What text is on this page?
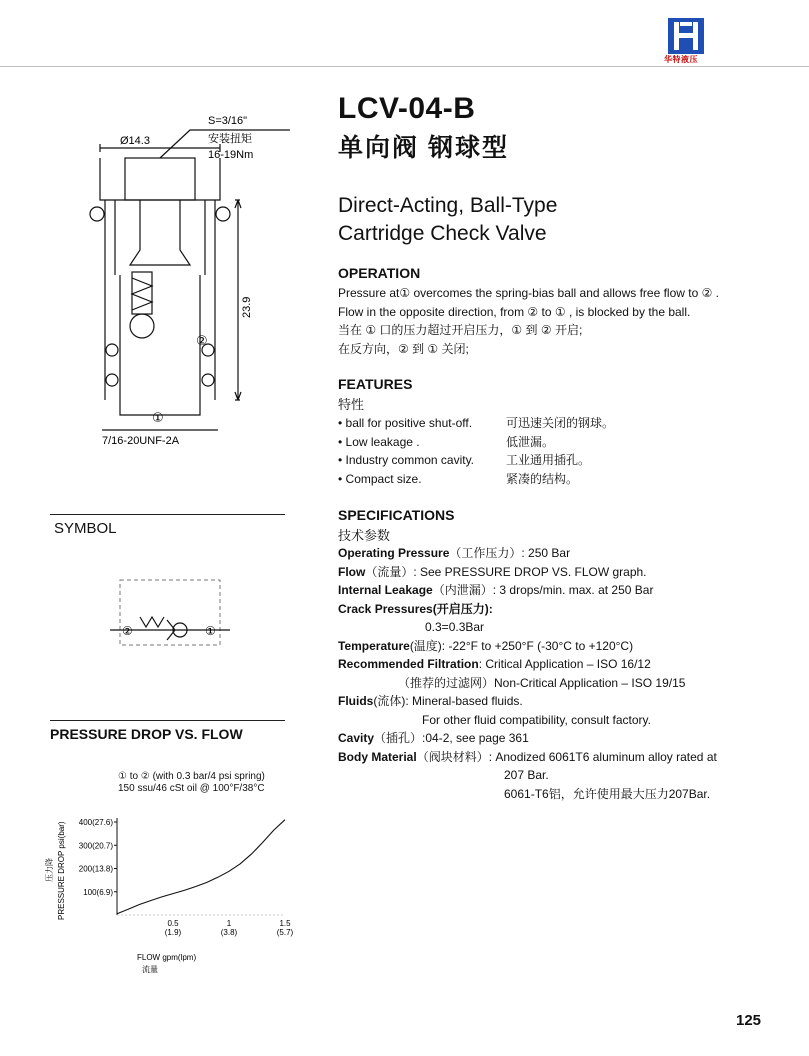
华特液压
LCV-04-B
单向阀 钢球型
Direct-Acting, Ball-Type
Cartridge Check Valve
Ø14.3
S=3/16"
安装扭矩
16-19Nm
23.9
②
①
7/16-20UNF-2A
SYMBOL
②	①
PRESSURE DROP VS. FLOW
① to ② (with 0.3 bar/4 psi spring)
150 ssu/46 cSt oil @ 100°F/38°C
100(6.9)
200(13.8)
300(20.7)
400(27.6)
0.5
(1.9)
1
(3.8)
1.5
(5.7)
PRESSURE DROP psi(bar)
压力降
FLOW gpm(lpm)
流量
OPERATION
Pressure at① overcomes the spring-bias ball and allows free flow to ② .
Flow in the opposite direction, from ② to ① , is blocked by the ball.
当在 ① 口的压力超过开启压力，① 到 ② 开启;
在反方向，② 到 ① 关闭;
FEATURES
特性
• ball for positive shut-off.	可迅速关闭的钢球。
• Low leakage .	低泄漏。
• Industry common cavity.	工业通用插孔。
• Compact size.	紧凑的结构。
SPECIFICATIONS
技术参数
Operating Pressure（工作压力）: 250 Bar
Flow（流量）: See PRESSURE DROP VS. FLOW graph.
Internal Leakage（内泄漏）: 3 drops/min. max. at 250 Bar
Crack Pressures(开启压力):
0.3=0.3Bar
Temperature(温度): -22°F to +250°F (-30°C to +120°C)
Recommended Filtration: Critical Application – ISO 16/12
（推荐的过滤网）Non-Critical Application – ISO 19/15
Fluids(流体): Mineral-based fluids.
For other fluid compatibility, consult factory.
Cavity（插孔）:04-2, see page 361
Body Material（阀块材料）: Anodized 6061T6 aluminum alloy rated at
207 Bar.
6061-T6铝，允许使用最大压力207Bar.
125
